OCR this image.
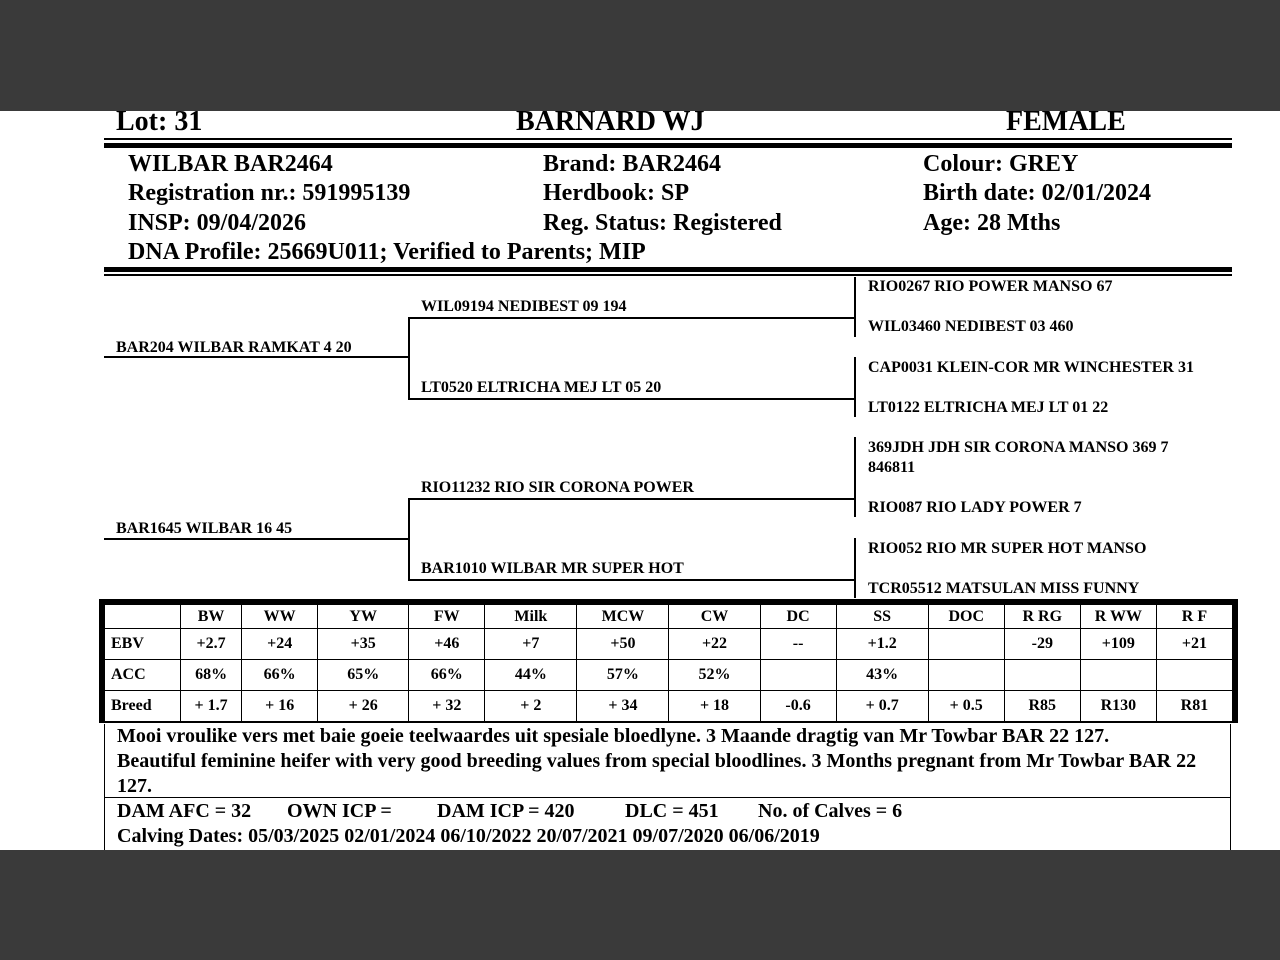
Lot: 31	BARNARD WJ	FEMALE
WILBAR BAR2464
Registration nr.: 591995139
INSP: 09/04/2026
DNA Profile: 25669U011; Verified to Parents; MIP
Brand: BAR2464
Herdbook: SP
Reg. Status: Registered
Colour: GREY
Birth date: 02/01/2024
Age: 28 Mths
BAR204 WILBAR RAMKAT 4 20
BAR1645 WILBAR 16 45
WIL09194 NEDIBEST 09 194
LT0520 ELTRICHA MEJ LT 05 20
RIO11232 RIO SIR CORONA POWER
BAR1010 WILBAR MR SUPER HOT
RIO0267 RIO POWER MANSO 67
WIL03460 NEDIBEST 03 460
CAP0031 KLEIN-COR MR WINCHESTER 31
LT0122 ELTRICHA MEJ LT 01 22
369JDH JDH SIR CORONA MANSO 369 7
846811
RIO087 RIO LADY POWER 7
RIO052 RIO MR SUPER HOT MANSO
TCR05512 MATSULAN MISS FUNNY
	BW	WW	YW	FW	Milk	MCW	CW	DC	SS	DOC	R RG	R WW	R F
EBV	+2.7	+24	+35	+46	+7	+50	+22	--	+1.2		-29	+109	+21
ACC	68%	66%	65%	66%	44%	57%	52%		43%				
Breed	+ 1.7	+ 16	+ 26	+ 32	+ 2	+ 34	+ 18	-0.6	+ 0.7	+ 0.5	R85	R130	R81
Mooi vroulike vers met baie goeie teelwaardes uit spesiale bloedlyne. 3 Maande dragtig van Mr Towbar BAR 22 127.
Beautiful feminine heifer with very good breeding values from special bloodlines. 3 Months pregnant from Mr Towbar BAR 22 127.
DAM AFC = 32 OWN ICP = DAM ICP = 420	DLC = 451 No. of Calves = 6
Calving Dates: 05/03/2025 02/01/2024 06/10/2022 20/07/2021 09/07/2020 06/06/2019
